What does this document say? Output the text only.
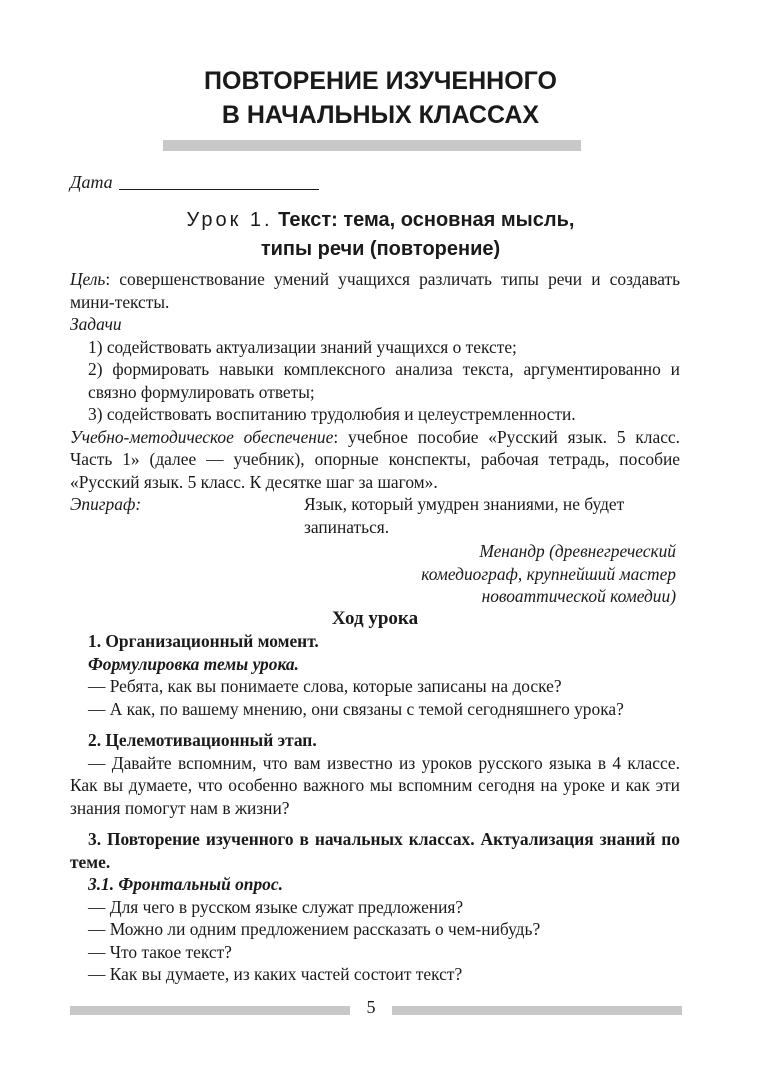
ПОВТОРЕНИЕ ИЗУЧЕННОГО
В НАЧАЛЬНЫХ КЛАССАХ
Дата
Урок 1. Текст: тема, основная мысль,
типы речи (повторение)

Цель: совершенствование умений учащихся различать типы речи и создавать мини-тексты.

Задачи

1) содействовать актуализации знаний учащихся о тексте;

2) формировать навыки комплексного анализа текста, аргументированно и связно формулировать ответы;

3) содействовать воспитанию трудолюбия и целеустремленности.

Учебно-методическое обеспечение: учебное пособие «Русский язык. 5 класс. Часть 1» (далее — учебник), опорные конспекты, рабочая тетрадь, пособие «Русский язык. 5 класс. К десятке шаг за шагом».

Эпиграф:	Язык, который умудрен знаниями, не будет запинаться.
Менандр (древнегреческий
комедиограф, крупнейший мастер
новоаттической комедии)

Ход урока

1. Организационный момент.

Формулировка темы урока.

— Ребята, как вы понимаете слова, которые записаны на доске?

— А как, по вашему мнению, они связаны с темой сегодняшнего урока?

2. Целемотивационный этап.

— Давайте вспомним, что вам известно из уроков русского языка в 4 классе. Как вы думаете, что особенно важного мы вспомним сегодня на уроке и как эти знания помогут нам в жизни?

3. Повторение изученного в начальных классах. Актуализация знаний по теме.

3.1. Фронтальный опрос.

— Для чего в русском языке служат предложения?

— Можно ли одним предложением рассказать о чем-нибудь?

— Что такое текст?

— Как вы думаете, из каких частей состоит текст?

5
